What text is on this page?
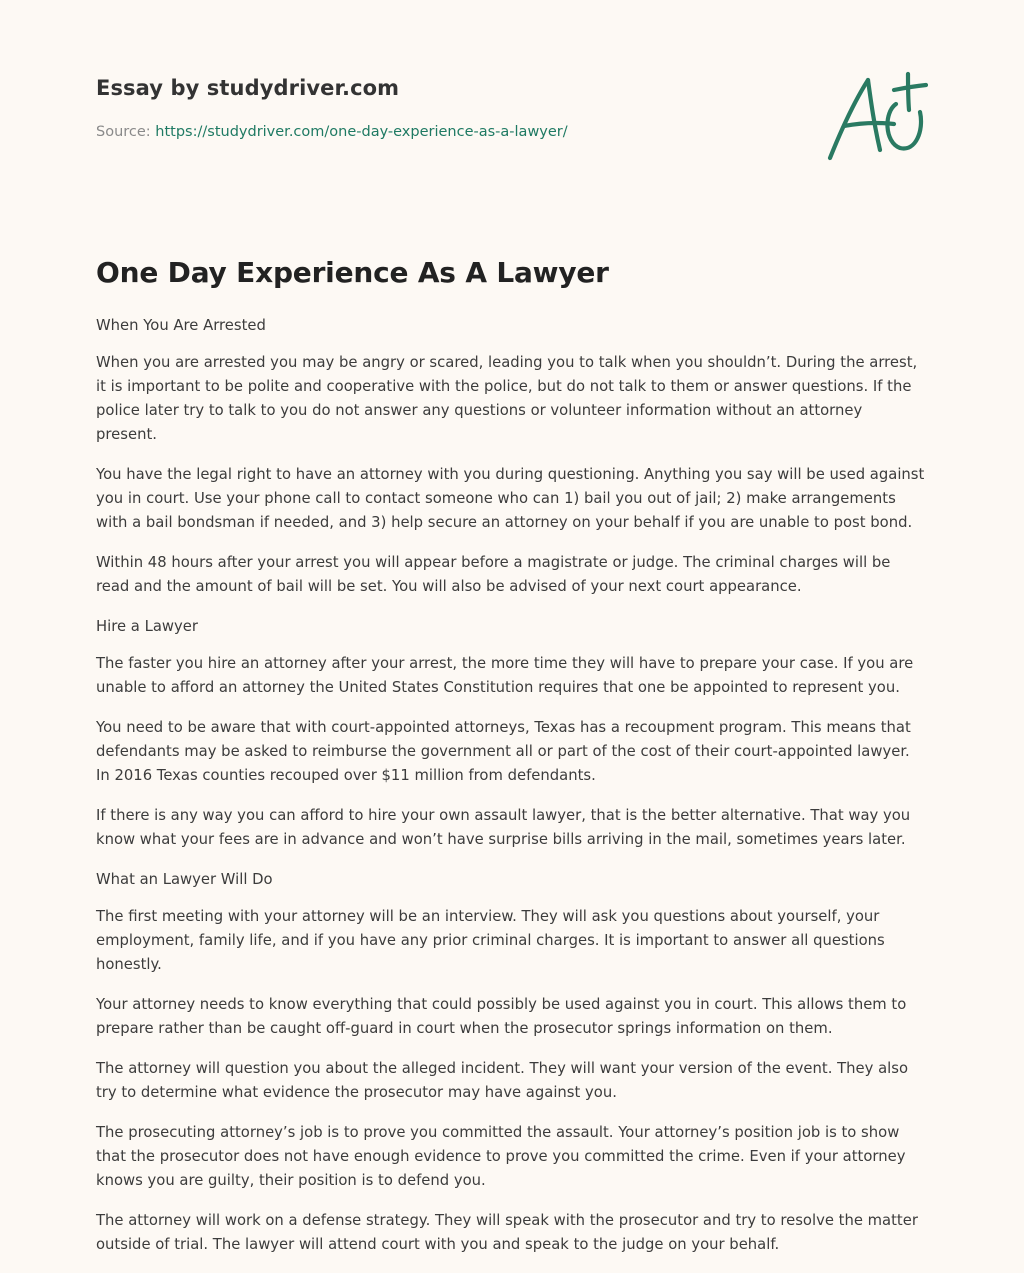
Essay by studydriver.com
Source: https://studydriver.com/one-day-experience-as-a-lawyer/
One Day Experience As A Lawyer

When You Are Arrested

When you are arrested you may be angry or scared, leading you to talk when you shouldn’t. During the arrest, it is important to be polite and cooperative with the police, but do not talk to them or answer questions. If the police later try to talk to you do not answer any questions or volunteer information without an attorney present.

You have the legal right to have an attorney with you during questioning. Anything you say will be used against you in court. Use your phone call to contact someone who can 1) bail you out of jail; 2) make arrangements with a bail bondsman if needed, and 3) help secure an attorney on your behalf if you are unable to post bond.

Within 48 hours after your arrest you will appear before a magistrate or judge. The criminal charges will be read and the amount of bail will be set. You will also be advised of your next court appearance.

Hire a Lawyer

The faster you hire an attorney after your arrest, the more time they will have to prepare your case. If you are unable to afford an attorney the United States Constitution requires that one be appointed to represent you.

You need to be aware that with court-appointed attorneys, Texas has a recoupment program. This means that defendants may be asked to reimburse the government all or part of the cost of their court-appointed lawyer. In 2016 Texas counties recouped over $11 million from defendants.

If there is any way you can afford to hire your own assault lawyer, that is the better alternative. That way you know what your fees are in advance and won’t have surprise bills arriving in the mail, sometimes years later.

What an Lawyer Will Do

The first meeting with your attorney will be an interview. They will ask you questions about yourself, your employment, family life, and if you have any prior criminal charges. It is important to answer all questions honestly.

Your attorney needs to know everything that could possibly be used against you in court. This allows them to prepare rather than be caught off-guard in court when the prosecutor springs information on them.

The attorney will question you about the alleged incident. They will want your version of the event. They also try to determine what evidence the prosecutor may have against you.

The prosecuting attorney’s job is to prove you committed the assault. Your attorney’s position job is to show that the prosecutor does not have enough evidence to prove you committed the crime. Even if your attorney knows you are guilty, their position is to defend you.

The attorney will work on a defense strategy. They will speak with the prosecutor and try to resolve the matter outside of trial. The lawyer will attend court with you and speak to the judge on your behalf.
